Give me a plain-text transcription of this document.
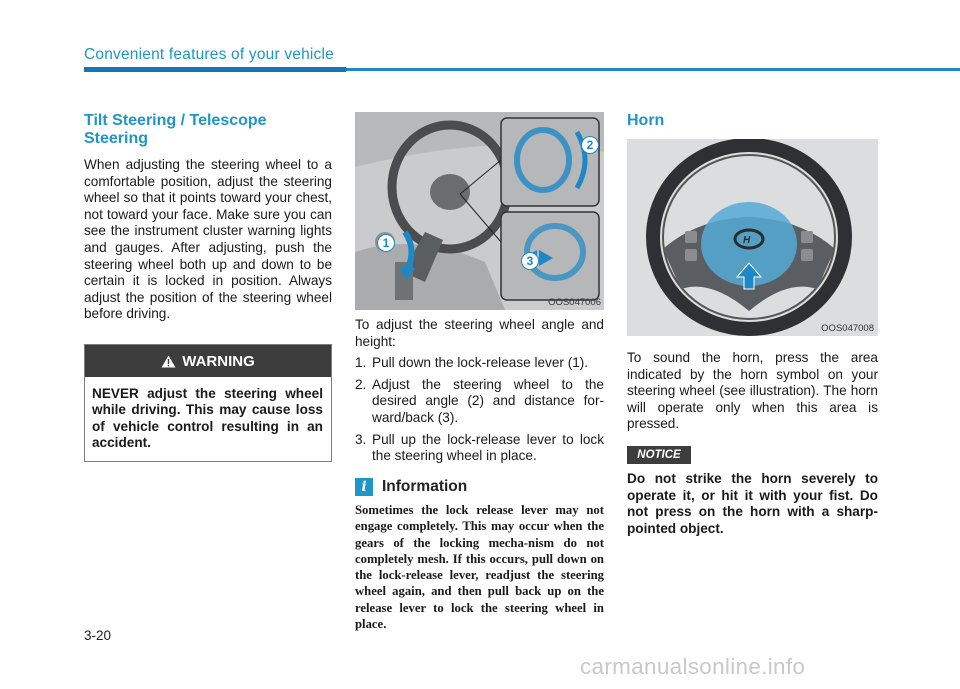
Convenient features of your vehicle
Tilt Steering / Telescope Steering

When adjusting the steering wheel to a comfortable position, adjust the steering wheel so that it points toward your chest, not toward your face. Make sure you can see the instrument cluster warning lights and gauges. After adjusting, push the steering wheel both up and down to be certain it is locked in position. Always adjust the position of the steering wheel before driving.

WARNING
NEVER adjust the steering wheel while driving. This may cause loss of vehicle control resulting in an accident.
1
2
3
OOS047006

To adjust the steering wheel angle and height:

1. Pull down the lock-release lever (1).
2. Adjust the steering wheel to the desired angle (2) and distance for-ward/back (3).
3. Pull up the lock-release lever to lock the steering wheel in place.
i Information

Sometimes the lock release lever may not engage completely. This may occur when the gears of the locking mecha-nism do not completely mesh. If this occurs, pull down on the lock-release lever, readjust the steering wheel again, and then pull back up on the release lever to lock the steering wheel in place.

Horn
H
OOS047008

To sound the horn, press the area indicated by the horn symbol on your steering wheel (see illustration). The horn will operate only when this area is pressed.

NOTICE

Do not strike the horn severely to operate it, or hit it with your fist. Do not press on the horn with a sharp-pointed object.

3-20
carmanualsonline.info
